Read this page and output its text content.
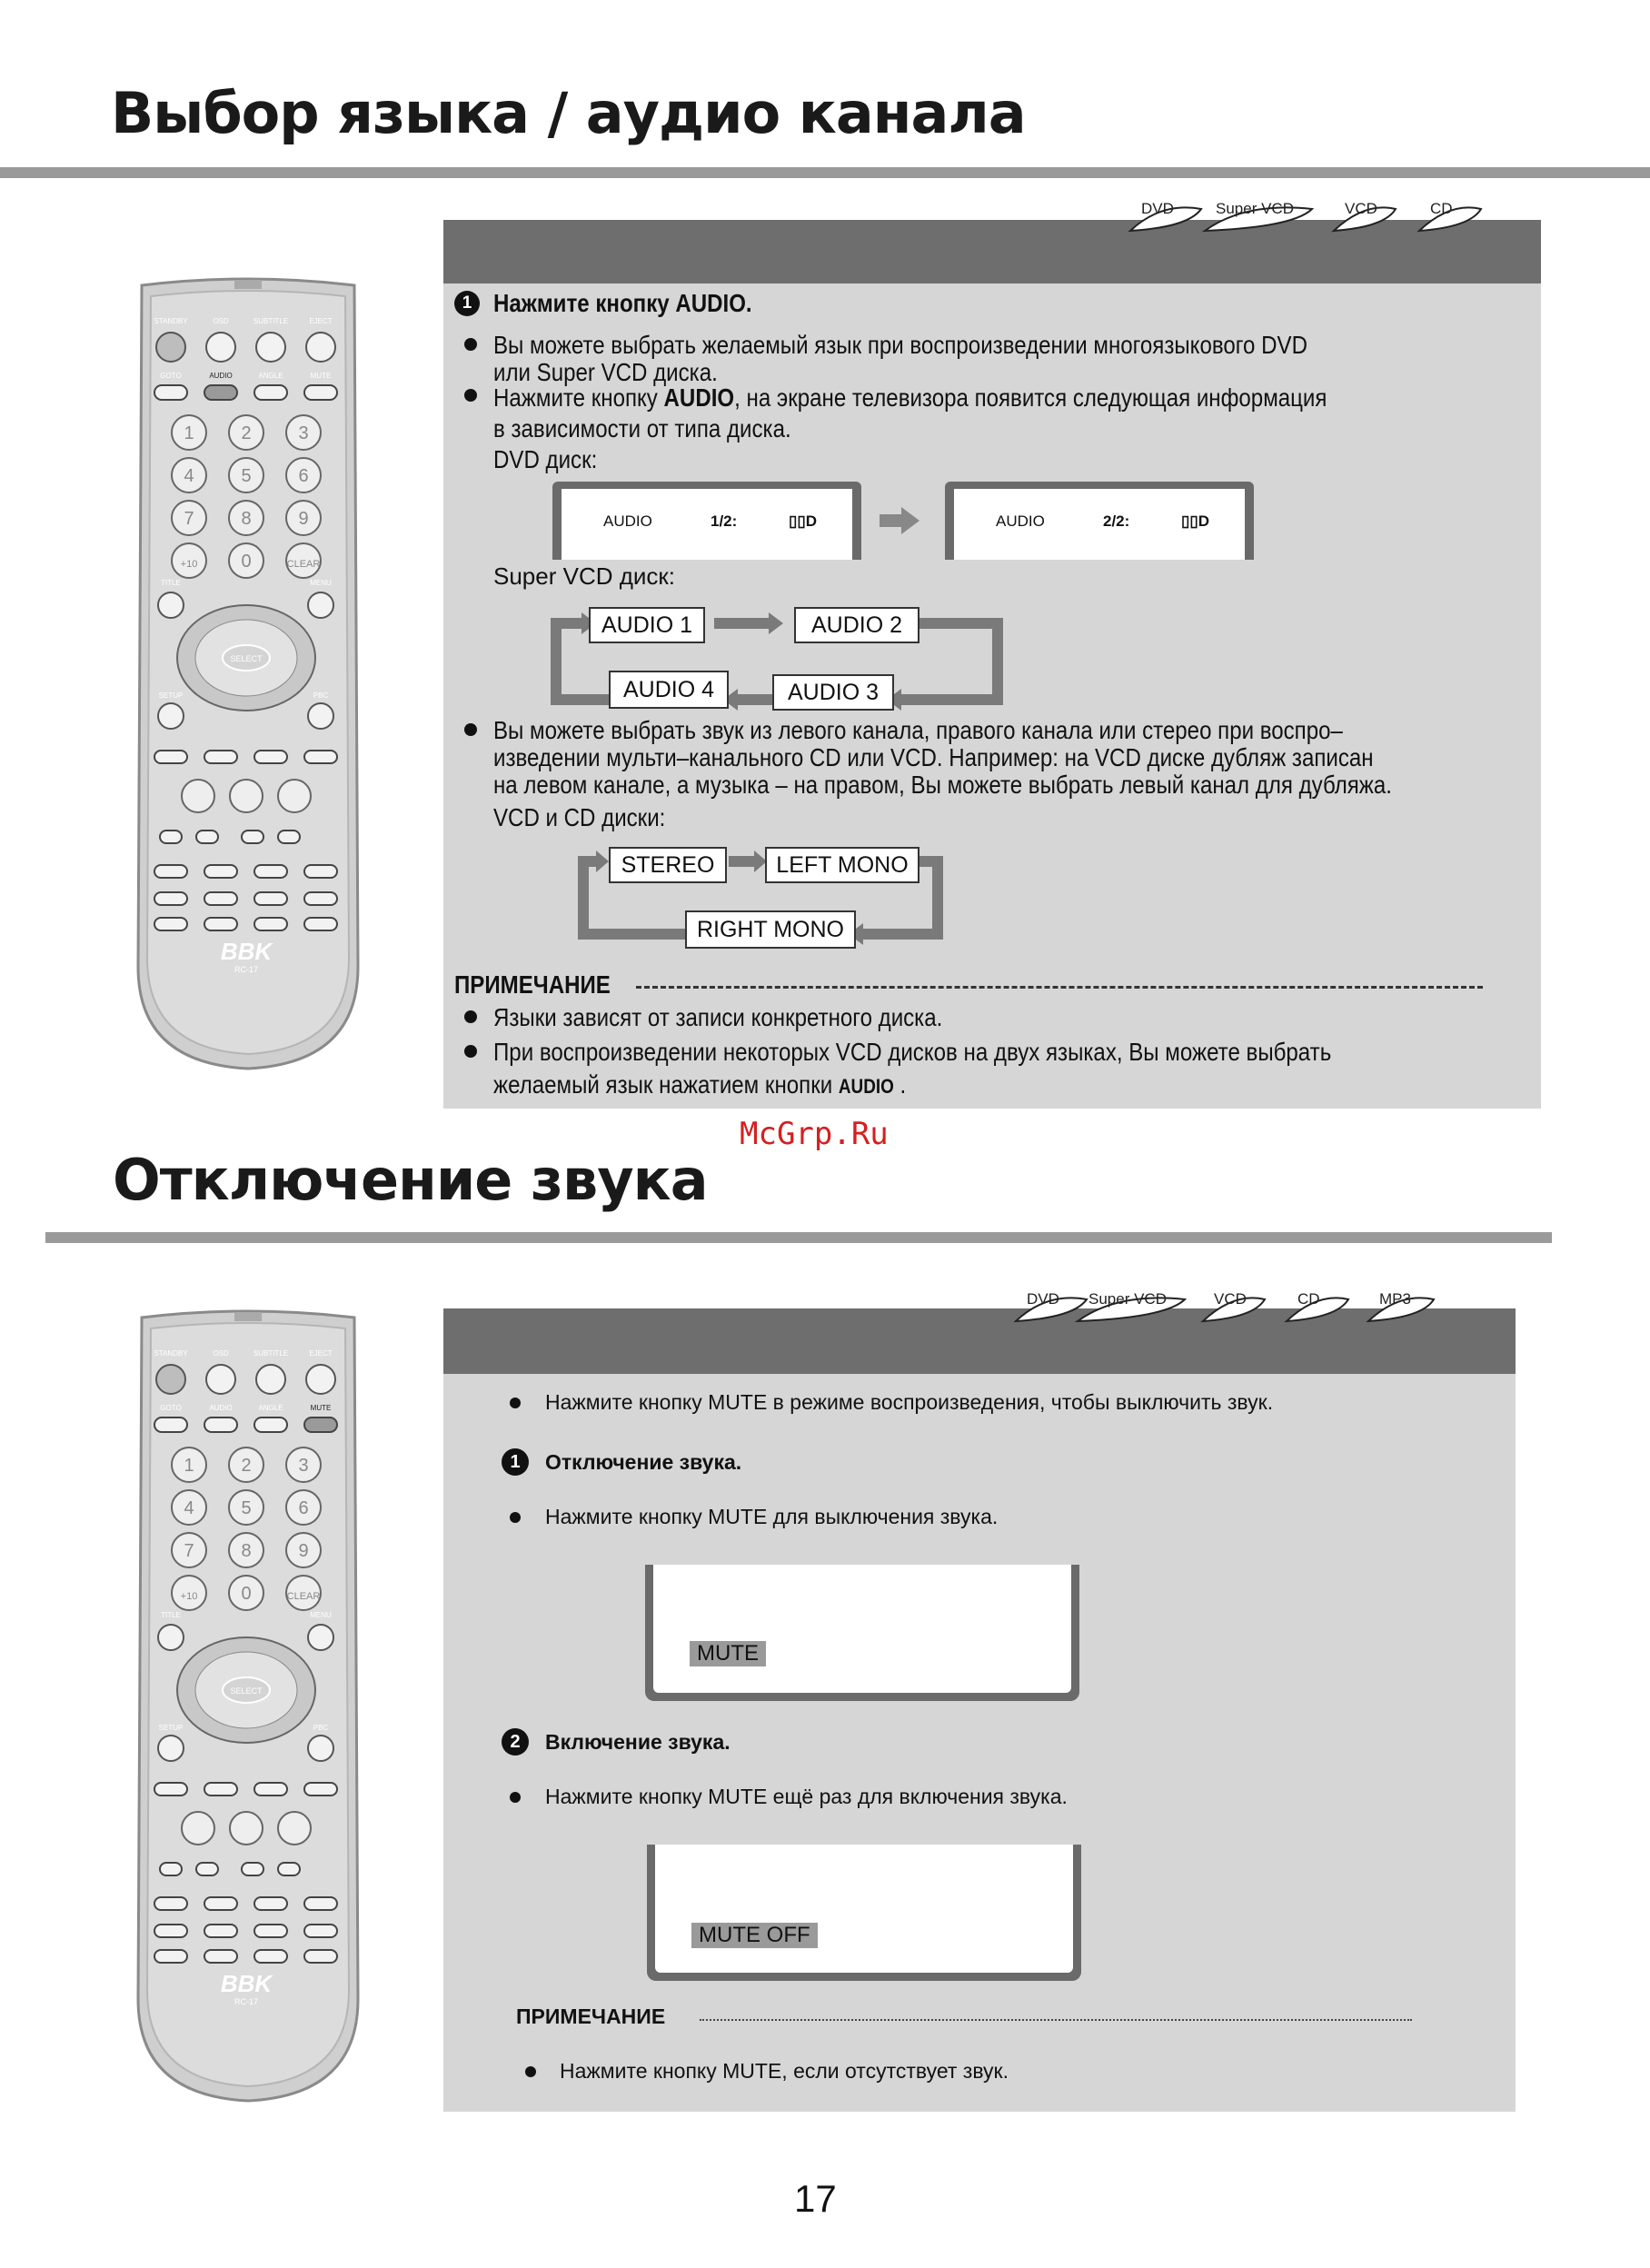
Выбор языка / аудио канала
STANDBY	OSD	SUBTITLE	EJECT
GOTO	AUDIO	ANGLE	MUTE
1	2	3
4	5	6
7	8	9
+10 0	CLEAR
TITLE	MENU
SELECT
SETUP	PBC
BBK
RC-17
DVD	Super VCD	VCD	CD
1 Нажмите кнопку AUDIO.
Вы можете выбрать желаемый язык при воспроизведении многоязыкового DVD
или Super VCD диска.
Нажмите кнопку AUDIO, на экране телевизора появится следующая информация
в зависимости от типа диска.
DVD диск:
AUDIO	1/2:	▯▯D	AUDIO	2/2:	▯▯D
Super VCD диск:
AUDIO 1	AUDIO 2
AUDIO 3
AUDIO 4
Вы можете выбрать звук из левого канала, правого канала или стерео при воспро–
изведении мульти–канального CD или VCD. Например: на VCD диске дубляж записан
на левом канале, а музыка – на правом, Вы можете выбрать левый канал для дубляжа.
VCD и CD диски:
STEREO	LEFT MONO
RIGHT MONO
ПРИМЕЧАНИЕ
Языки зависят от записи конкретного диска.
При воспроизведении некоторых VCD дисков на двух языках, Вы можете выбрать
желаемый язык нажатием кнопки AUDIO .
McGrp.Ru
Отключение звука
STANDBY	OSD	SUBTITLE	EJECT
GOTO	AUDIO	ANGLE	MUTE
1	2	3
4	5	6
7	8	9
+10 0	CLEAR
TITLE	MENU
SELECT
SETUP	PBC
BBK
RC-17
DVD	Super VCD	VCD	CD	MP3
Нажмите кнопку MUTE в режиме воспроизведения, чтобы выключить звук.
1	Отключение звука.
Нажмите кнопку MUTE для выключения звука.
MUTE
2	Включение звука.
Нажмите кнопку MUTE ещё раз для включения звука.
MUTE OFF
ПРИМЕЧАНИЕ
Нажмите кнопку MUTE, если отсутствует звук.
17
